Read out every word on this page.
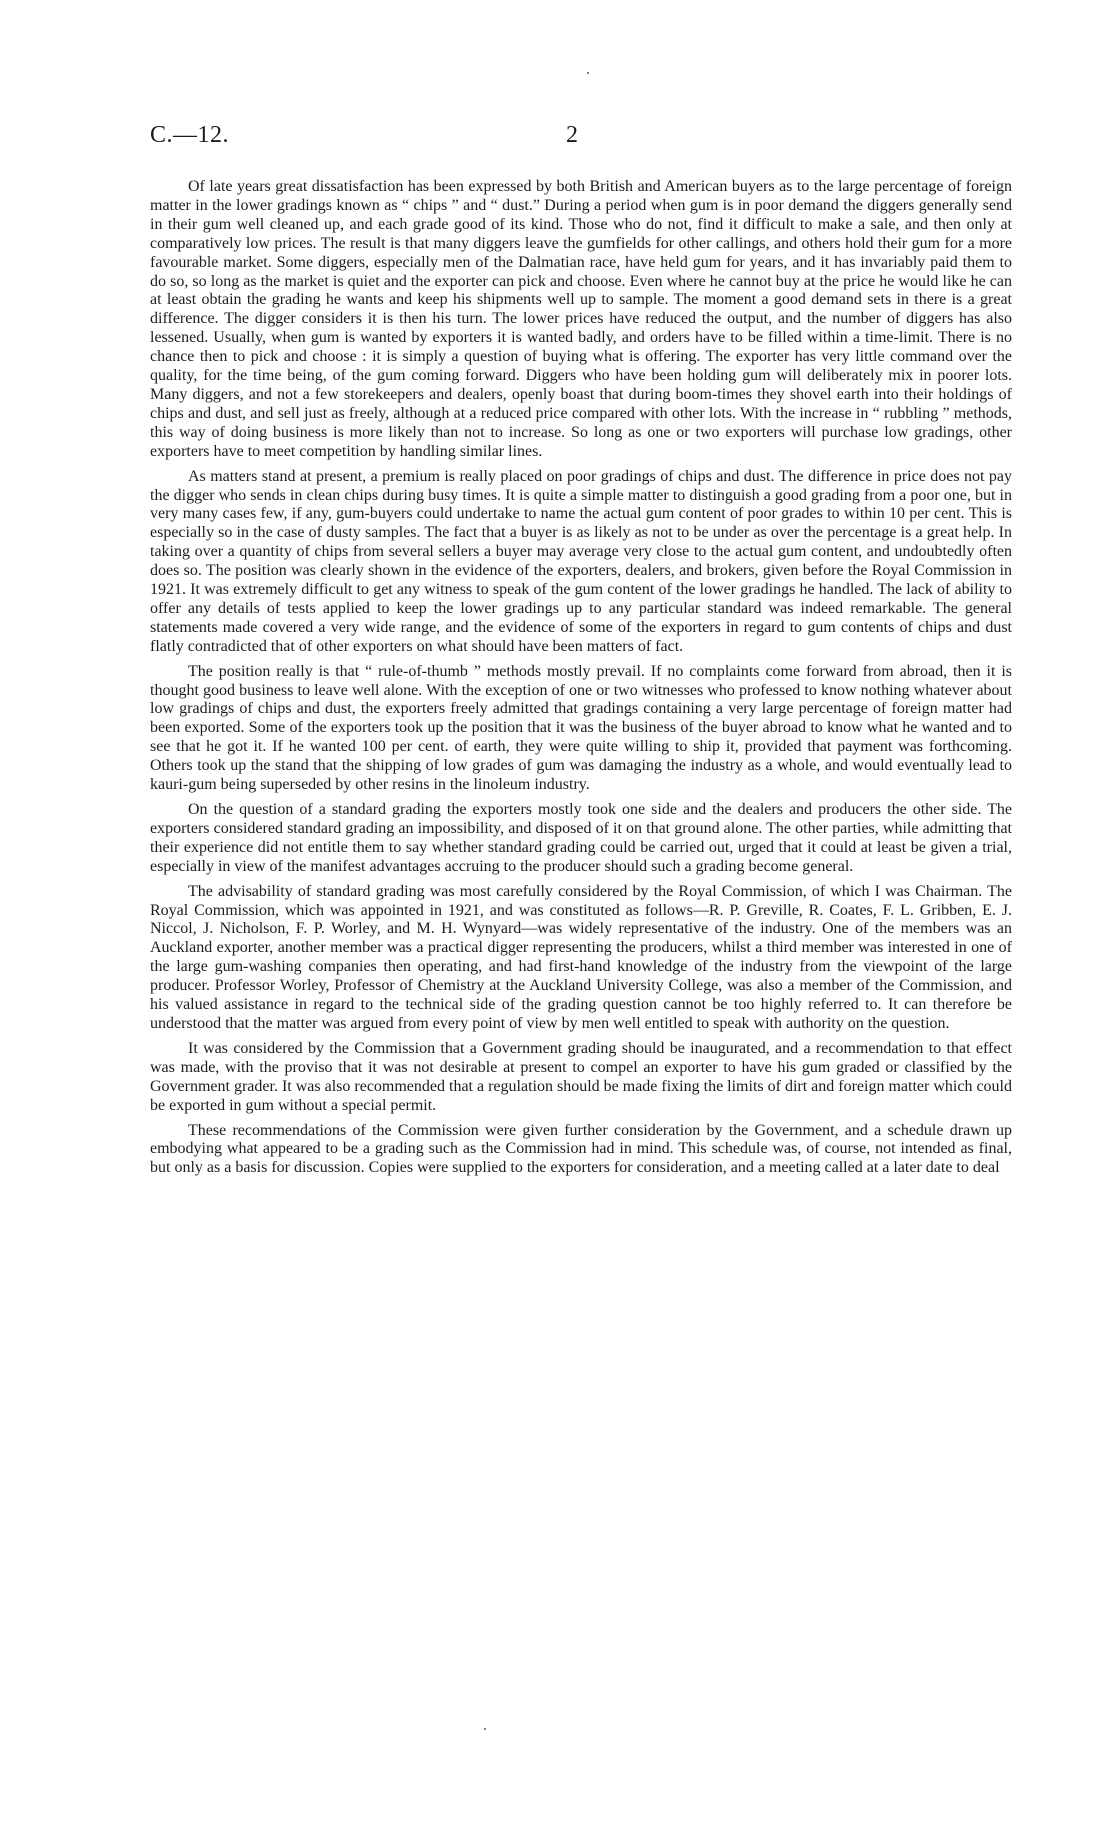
C.—12.	2

Of late years great dissatisfaction has been expressed by both British and American buyers as to the large percentage of foreign matter in the lower gradings known as “ chips ” and “ dust.” During a period when gum is in poor demand the diggers generally send in their gum well cleaned up, and each grade good of its kind. Those who do not, find it difficult to make a sale, and then only at comparatively low prices. The result is that many diggers leave the gumfields for other callings, and others hold their gum for a more favourable market. Some diggers, especially men of the Dalmatian race, have held gum for years, and it has invariably paid them to do so, so long as the market is quiet and the exporter can pick and choose. Even where he cannot buy at the price he would like he can at least obtain the grading he wants and keep his shipments well up to sample. The moment a good demand sets in there is a great difference. The digger considers it is then his turn. The lower prices have reduced the output, and the number of diggers has also lessened. Usually, when gum is wanted by exporters it is wanted badly, and orders have to be filled within a time-limit. There is no chance then to pick and choose : it is simply a question of buying what is offering. The exporter has very little command over the quality, for the time being, of the gum coming forward. Diggers who have been holding gum will deliberately mix in poorer lots. Many diggers, and not a few storekeepers and dealers, openly boast that during boom-times they shovel earth into their holdings of chips and dust, and sell just as freely, although at a reduced price compared with other lots. With the increase in “ rubbling ” methods, this way of doing business is more likely than not to increase. So long as one or two exporters will purchase low gradings, other exporters have to meet competition by handling similar lines.

As matters stand at present, a premium is really placed on poor gradings of chips and dust. The difference in price does not pay the digger who sends in clean chips during busy times. It is quite a simple matter to distinguish a good grading from a poor one, but in very many cases few, if any, gum-buyers could undertake to name the actual gum content of poor grades to within 10 per cent. This is especially so in the case of dusty samples. The fact that a buyer is as likely as not to be under as over the percentage is a great help. In taking over a quantity of chips from several sellers a buyer may average very close to the actual gum content, and undoubtedly often does so. The position was clearly shown in the evidence of the exporters, dealers, and brokers, given before the Royal Commission in 1921. It was extremely difficult to get any witness to speak of the gum content of the lower gradings he handled. The lack of ability to offer any details of tests applied to keep the lower gradings up to any particular standard was indeed remarkable. The general statements made covered a very wide range, and the evidence of some of the exporters in regard to gum contents of chips and dust flatly contradicted that of other exporters on what should have been matters of fact.

The position really is that “ rule-of-thumb ” methods mostly prevail. If no complaints come forward from abroad, then it is thought good business to leave well alone. With the exception of one or two witnesses who professed to know nothing whatever about low gradings of chips and dust, the exporters freely admitted that gradings containing a very large percentage of foreign matter had been exported. Some of the exporters took up the position that it was the business of the buyer abroad to know what he wanted and to see that he got it. If he wanted 100 per cent. of earth, they were quite willing to ship it, provided that payment was forthcoming. Others took up the stand that the shipping of low grades of gum was damaging the industry as a whole, and would eventually lead to kauri-gum being superseded by other resins in the linoleum industry.

On the question of a standard grading the exporters mostly took one side and the dealers and producers the other side. The exporters considered standard grading an impossibility, and disposed of it on that ground alone. The other parties, while admitting that their experience did not entitle them to say whether standard grading could be carried out, urged that it could at least be given a trial, especially in view of the manifest advantages accruing to the producer should such a grading become general.

The advisability of standard grading was most carefully considered by the Royal Commission, of which I was Chairman. The Royal Commission, which was appointed in 1921, and was constituted as follows—R. P. Greville, R. Coates, F. L. Gribben, E. J. Niccol, J. Nicholson, F. P. Worley, and M. H. Wynyard—was widely representative of the industry. One of the members was an Auckland exporter, another member was a practical digger representing the producers, whilst a third member was interested in one of the large gum-washing companies then operating, and had first-hand knowledge of the industry from the viewpoint of the large producer. Professor Worley, Professor of Chemistry at the Auckland University College, was also a member of the Commission, and his valued assistance in regard to the technical side of the grading question cannot be too highly referred to. It can therefore be understood that the matter was argued from every point of view by men well entitled to speak with authority on the question.

It was considered by the Commission that a Government grading should be inaugurated, and a recommendation to that effect was made, with the proviso that it was not desirable at present to compel an exporter to have his gum graded or classified by the Government grader. It was also recommended that a regulation should be made fixing the limits of dirt and foreign matter which could be exported in gum without a special permit.

These recommendations of the Commission were given further consideration by the Government, and a schedule drawn up embodying what appeared to be a grading such as the Commission had in mind. This schedule was, of course, not intended as final, but only as a basis for discussion. Copies were supplied to the exporters for consideration, and a meeting called at a later date to deal
